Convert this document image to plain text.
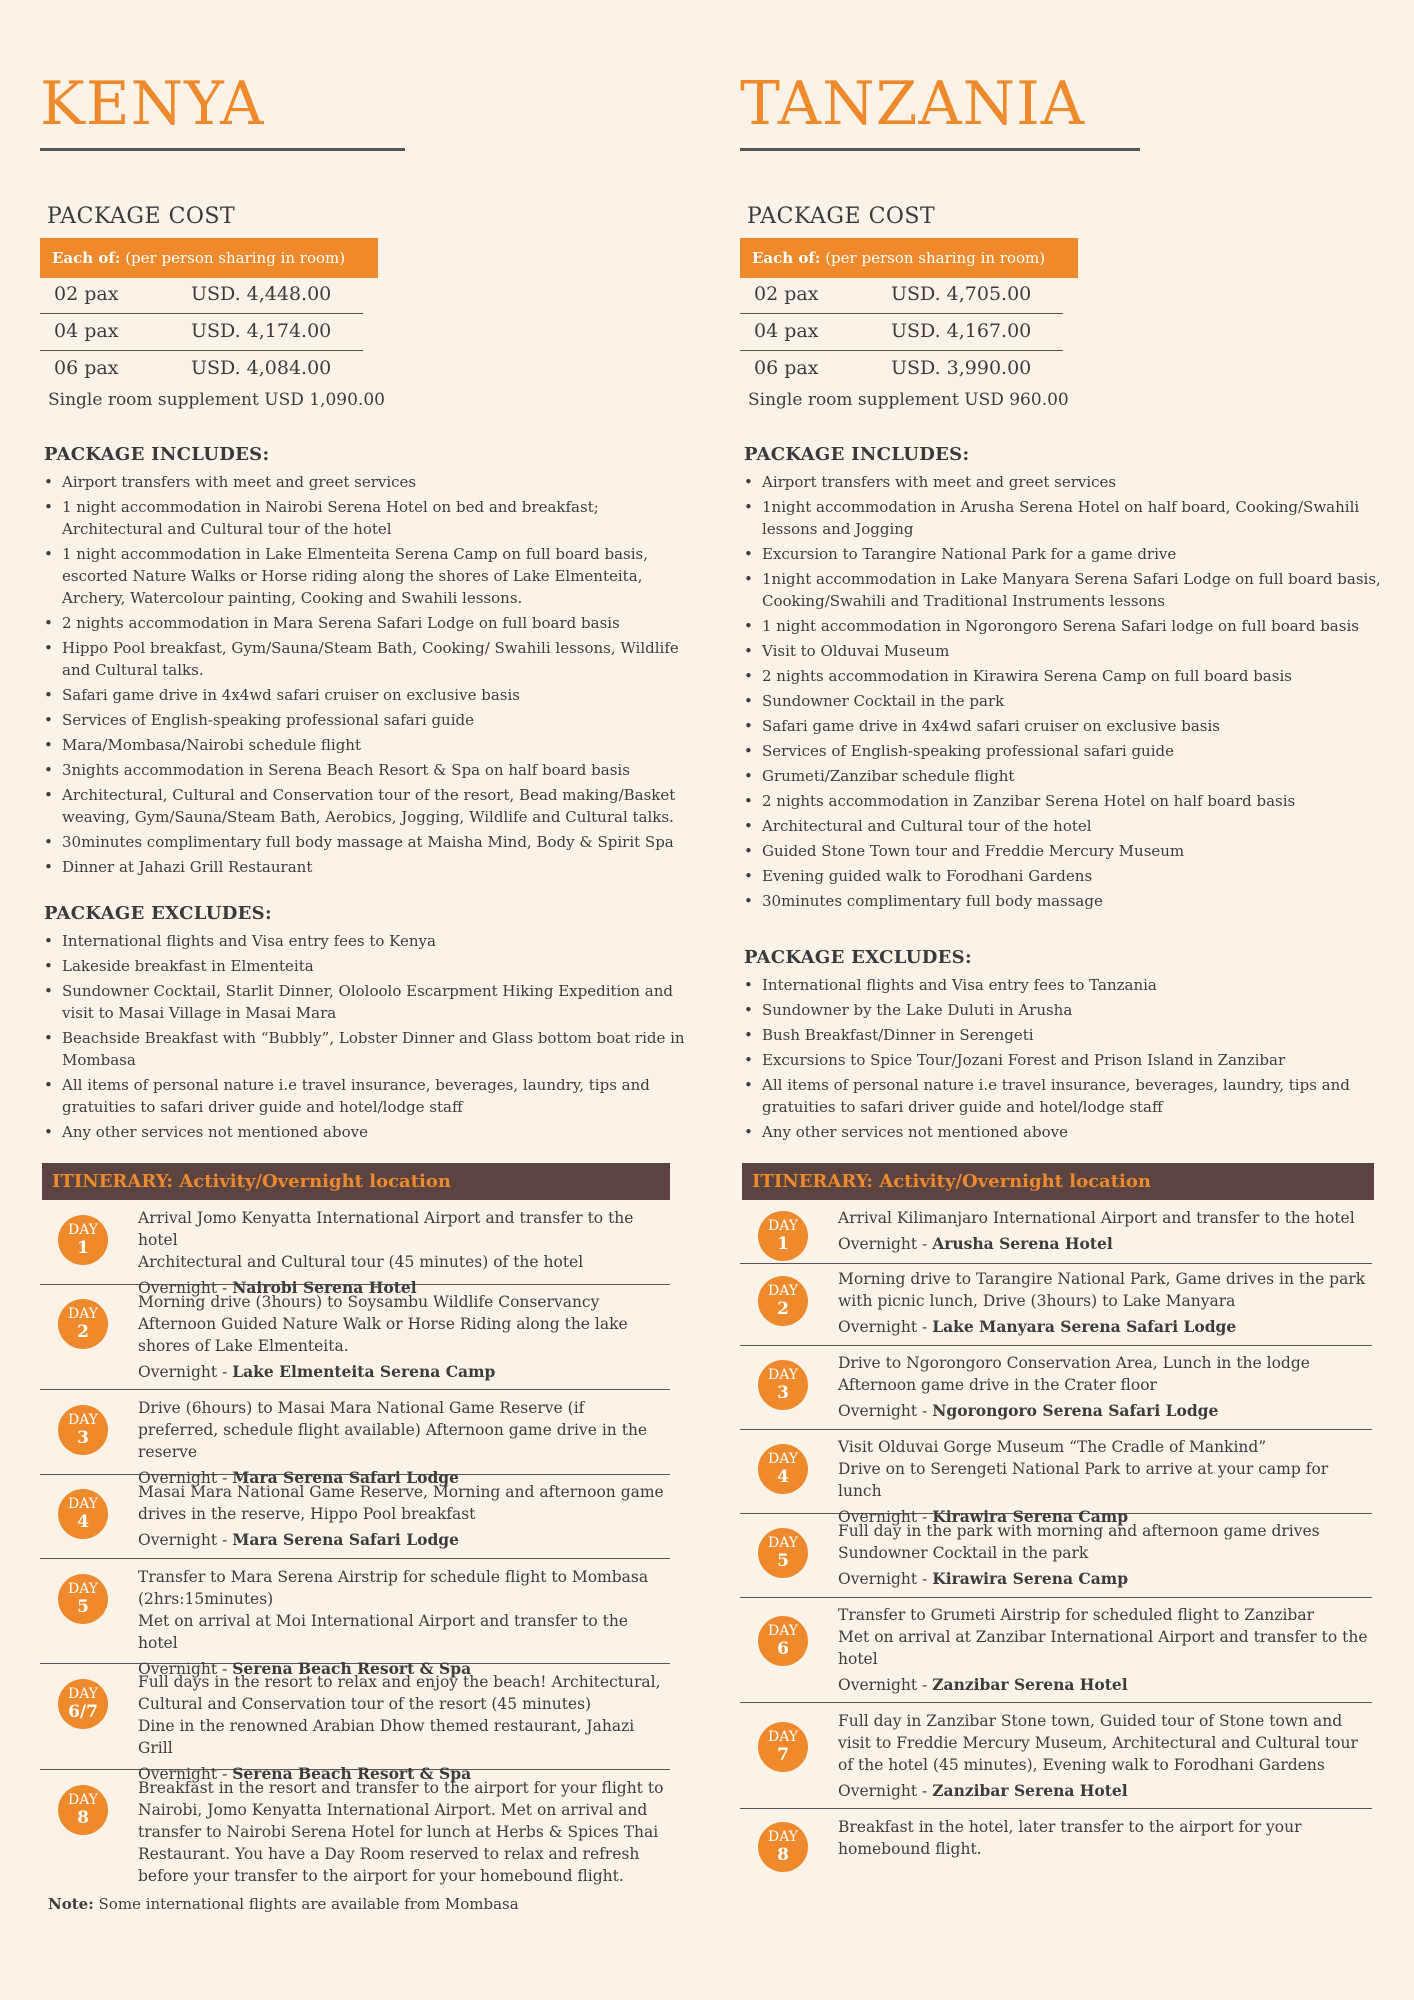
KENYA
PACKAGE COST
Each of: (per person sharing in room)
02 pax	USD. 4,448.00
04 pax	USD. 4,174.00
06 pax	USD. 4,084.00
Single room supplement USD 1,090.00
PACKAGE INCLUDES:
• Airport transfers with meet and greet services
• 1 night accommodation in Nairobi Serena Hotel on bed and breakfast; Architectural and Cultural tour of the hotel
• 1 night accommodation in Lake Elmenteita Serena Camp on full board basis, escorted Nature Walks or Horse riding along the shores of Lake Elmenteita, Archery, Watercolour painting, Cooking and Swahili lessons.
• 2 nights accommodation in Mara Serena Safari Lodge on full board basis
• Hippo Pool breakfast, Gym/Sauna/Steam Bath, Cooking/ Swahili lessons, Wildlife and Cultural talks.
• Safari game drive in 4x4wd safari cruiser on exclusive basis
• Services of English-speaking professional safari guide
• Mara/Mombasa/Nairobi schedule flight
• 3nights accommodation in Serena Beach Resort & Spa on half board basis
• Architectural, Cultural and Conservation tour of the resort, Bead making/Basket weaving, Gym/Sauna/Steam Bath, Aerobics, Jogging, Wildlife and Cultural talks.
• 30minutes complimentary full body massage at Maisha Mind, Body & Spirit Spa
• Dinner at Jahazi Grill Restaurant
PACKAGE EXCLUDES:
• International flights and Visa entry fees to Kenya
• Lakeside breakfast in Elmenteita
• Sundowner Cocktail, Starlit Dinner, Ololoolo Escarpment Hiking Expedition and visit to Masai Village in Masai Mara
• Beachside Breakfast with “Bubbly”, Lobster Dinner and Glass bottom boat ride in Mombasa
• All items of personal nature i.e travel insurance, beverages, laundry, tips and gratuities to safari driver guide and hotel/lodge staff
• Any other services not mentioned above
ITINERARY: Activity/Overnight location
DAY
1

Arrival Jomo Kenyatta International Airport and transfer to the hotel

Architectural and Cultural tour (45 minutes) of the hotel

Overnight - Nairobi Serena Hotel

DAY
2

Morning drive (3hours) to Soysambu Wildlife Conservancy

Afternoon Guided Nature Walk or Horse Riding along the lake shores of Lake Elmenteita.

Overnight - Lake Elmenteita Serena Camp

DAY
3

Drive (6hours) to Masai Mara National Game Reserve (if preferred, schedule flight available) Afternoon game drive in the reserve

Overnight - Mara Serena Safari Lodge

DAY
4

Masai Mara National Game Reserve, Morning and afternoon game drives in the reserve, Hippo Pool breakfast

Overnight - Mara Serena Safari Lodge

DAY
5

Transfer to Mara Serena Airstrip for schedule flight to Mombasa (2hrs:15minutes)

Met on arrival at Moi International Airport and transfer to the hotel

Overnight - Serena Beach Resort & Spa

DAY
6/7

Full days in the resort to relax and enjoy the beach! Architectural, Cultural and Conservation tour of the resort (45 minutes)

Dine in the renowned Arabian Dhow themed restaurant, Jahazi Grill

Overnight - Serena Beach Resort & Spa

DAY
8

Breakfast in the resort and transfer to the airport for your flight to Nairobi, Jomo Kenyatta International Airport. Met on arrival and transfer to Nairobi Serena Hotel for lunch at Herbs & Spices Thai Restaurant. You have a Day Room reserved to relax and refresh before your transfer to the airport for your homebound flight.

Note: Some international flights are available from Mombasa
TANZANIA
PACKAGE COST
Each of: (per person sharing in room)
02 pax	USD. 4,705.00
04 pax	USD. 4,167.00
06 pax	USD. 3,990.00
Single room supplement USD 960.00
PACKAGE INCLUDES:
• Airport transfers with meet and greet services
• 1night accommodation in Arusha Serena Hotel on half board, Cooking/Swahili lessons and Jogging
• Excursion to Tarangire National Park for a game drive
• 1night accommodation in Lake Manyara Serena Safari Lodge on full board basis, Cooking/Swahili and Traditional Instruments lessons
• 1 night accommodation in Ngorongoro Serena Safari lodge on full board basis
• Visit to Olduvai Museum
• 2 nights accommodation in Kirawira Serena Camp on full board basis
• Sundowner Cocktail in the park
• Safari game drive in 4x4wd safari cruiser on exclusive basis
• Services of English-speaking professional safari guide
• Grumeti/Zanzibar schedule flight
• 2 nights accommodation in Zanzibar Serena Hotel on half board basis
• Architectural and Cultural tour of the hotel
• Guided Stone Town tour and Freddie Mercury Museum
• Evening guided walk to Forodhani Gardens
• 30minutes complimentary full body massage
PACKAGE EXCLUDES:
• International flights and Visa entry fees to Tanzania
• Sundowner by the Lake Duluti in Arusha
• Bush Breakfast/Dinner in Serengeti
• Excursions to Spice Tour/Jozani Forest and Prison Island in Zanzibar
• All items of personal nature i.e travel insurance, beverages, laundry, tips and gratuities to safari driver guide and hotel/lodge staff
• Any other services not mentioned above
ITINERARY: Activity/Overnight location
DAY
1

Arrival Kilimanjaro International Airport and transfer to the hotel

Overnight - Arusha Serena Hotel

DAY
2

Morning drive to Tarangire National Park, Game drives in the park with picnic lunch, Drive (3hours) to Lake Manyara

Overnight - Lake Manyara Serena Safari Lodge

DAY
3

Drive to Ngorongoro Conservation Area, Lunch in the lodge

Afternoon game drive in the Crater floor

Overnight - Ngorongoro Serena Safari Lodge

DAY
4

Visit Olduvai Gorge Museum “The Cradle of Mankind”

Drive on to Serengeti National Park to arrive at your camp for lunch

Overnight - Kirawira Serena Camp

DAY
5

Full day in the park with morning and afternoon game drives

Sundowner Cocktail in the park

Overnight - Kirawira Serena Camp

DAY
6

Transfer to Grumeti Airstrip for scheduled flight to Zanzibar

Met on arrival at Zanzibar International Airport and transfer to the hotel

Overnight - Zanzibar Serena Hotel

DAY
7

Full day in Zanzibar Stone town, Guided tour of Stone town and visit to Freddie Mercury Museum, Architectural and Cultural tour of the hotel (45 minutes), Evening walk to Forodhani Gardens

Overnight - Zanzibar Serena Hotel

DAY
8

Breakfast in the hotel, later transfer to the airport for your homebound flight.
